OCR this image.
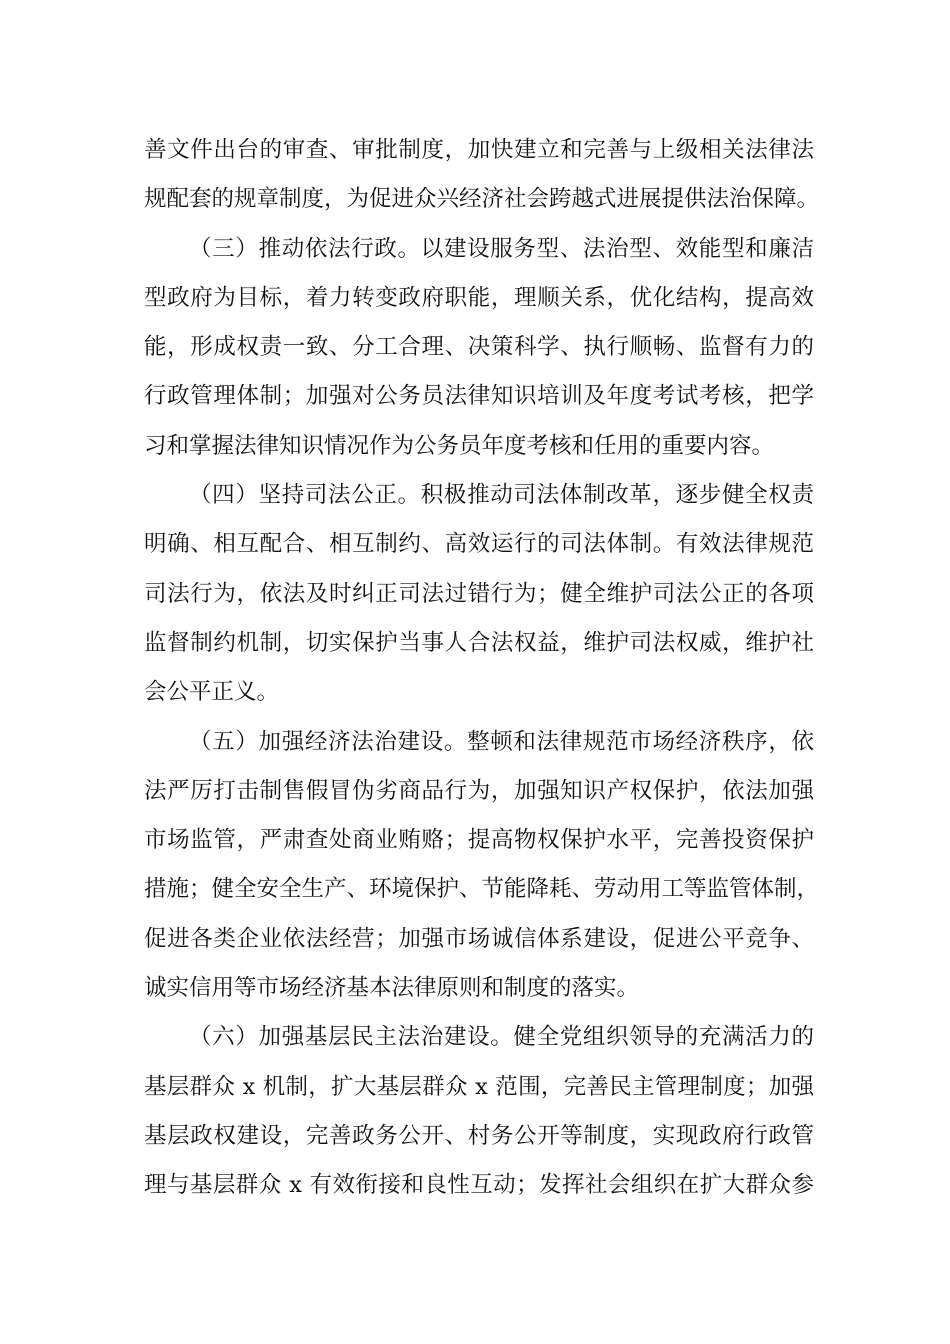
善文件出台的审查、审批制度，加快建立和完善与上级相关法律法
规配套的规章制度，为促进众兴经济社会跨越式进展提供法治保障。
（三）推动依法行政。以建设服务型、法治型、效能型和廉洁
型政府为目标，着力转变政府职能，理顺关系，优化结构，提高效
能，形成权责一致、分工合理、决策科学、执行顺畅、监督有力的
行政管理体制；加强对公务员法律知识培训及年度考试考核，把学
习和掌握法律知识情况作为公务员年度考核和任用的重要内容。
（四）坚持司法公正。积极推动司法体制改革，逐步健全权责
明确、相互配合、相互制约、高效运行的司法体制。有效法律规范
司法行为，依法及时纠正司法过错行为；健全维护司法公正的各项
监督制约机制，切实保护当事人合法权益，维护司法权威，维护社
会公平正义。
（五）加强经济法治建设。整顿和法律规范市场经济秩序，依
法严厉打击制售假冒伪劣商品行为，加强知识产权保护，依法加强
市场监管，严肃查处商业贿赂；提高物权保护水平，完善投资保护
措施；健全安全生产、环境保护、节能降耗、劳动用工等监管体制，
促进各类企业依法经营；加强市场诚信体系建设，促进公平竞争、
诚实信用等市场经济基本法律原则和制度的落实。
（六）加强基层民主法治建设。健全党组织领导的充满活力的
基层群众 x 机制，扩大基层群众 x 范围，完善民主管理制度；加强
基层政权建设，完善政务公开、村务公开等制度，实现政府行政管
理与基层群众 x 有效衔接和良性互动；发挥社会组织在扩大群众参
